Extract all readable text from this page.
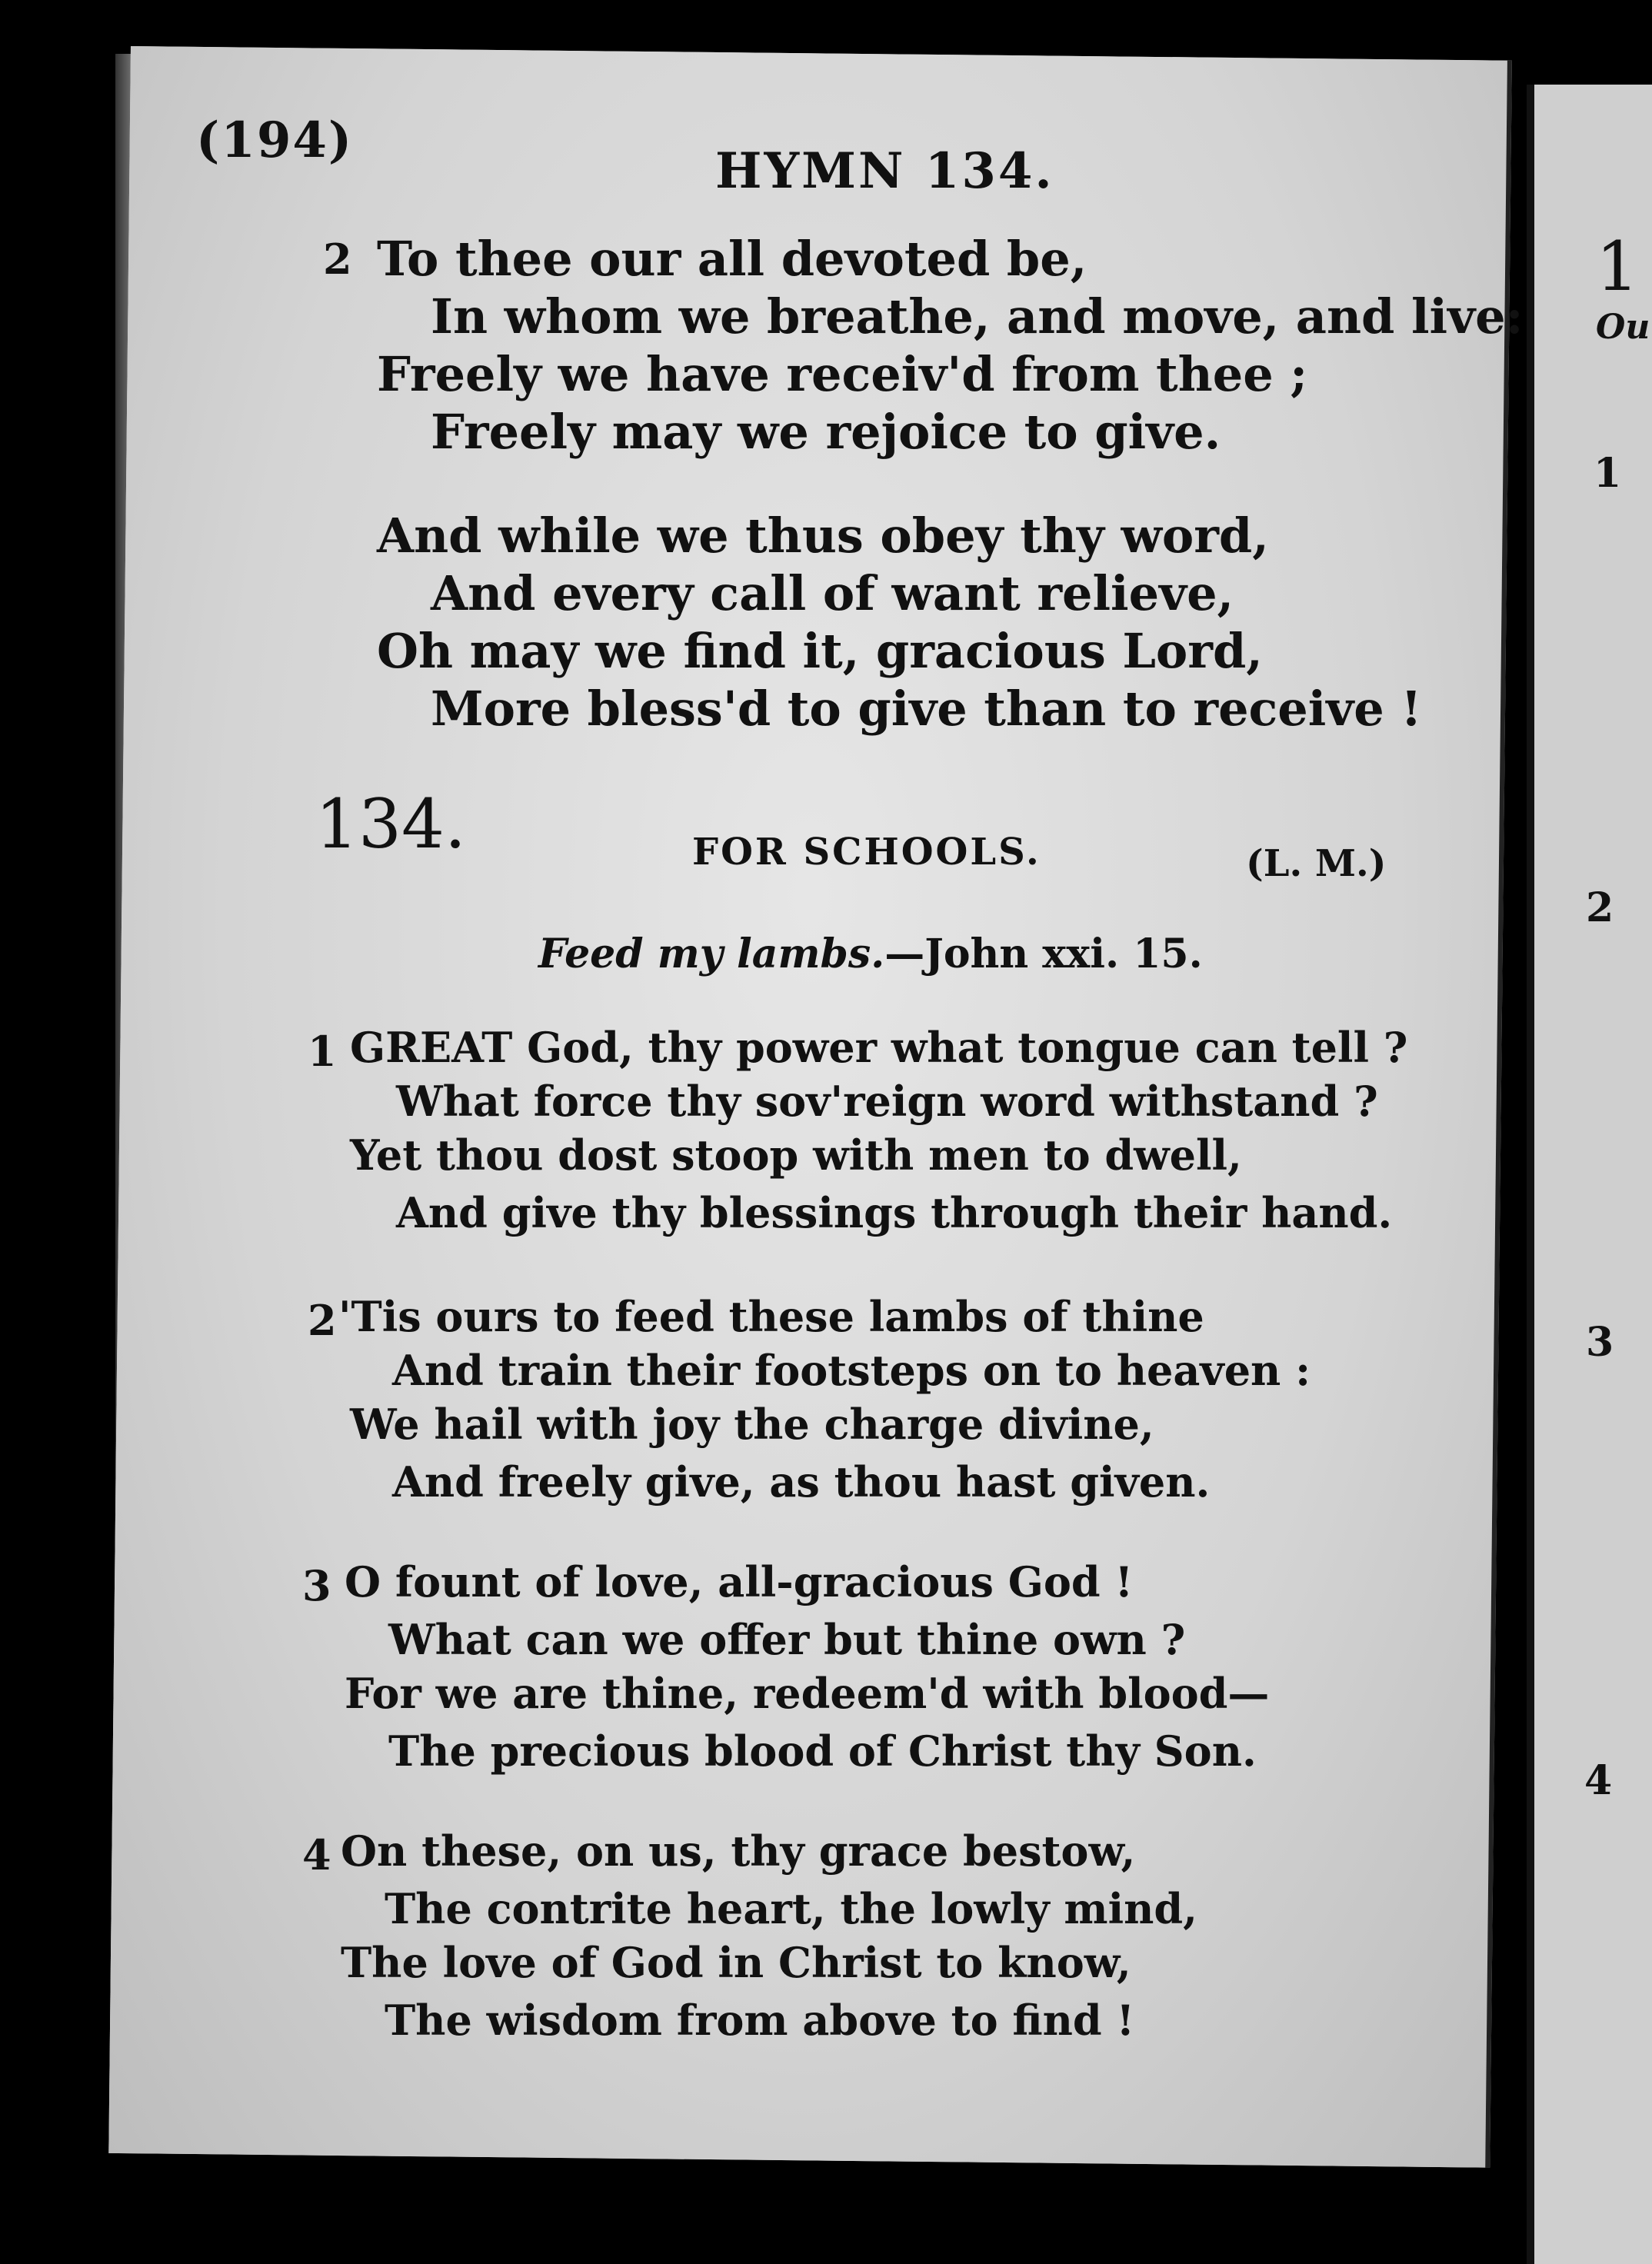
(194)
HYMN 134.
2 To thee our all devoted be,
In whom we breathe, and move, and live:
Freely we have receiv'd from thee ;
Freely may we rejoice to give.
And while we thus obey thy word,
And every call of want relieve,
Oh may we find it, gracious Lord,
More bless'd to give than to receive !
134.	FOR SCHOOLS.	(L. M.)
Feed my lambs.—John xxi. 15.
1 GREAT God, thy power what tongue can tell ?
What force thy sov'reign word withstand ?
Yet thou dost stoop with men to dwell,
And give thy blessings through their hand.
2 'Tis ours to feed these lambs of thine
And train their footsteps on to heaven :
We hail with joy the charge divine,
And freely give, as thou hast given.
3 O fount of love, all-gracious God !
What can we offer but thine own ?
For we are thine, redeem'd with blood—
The precious blood of Christ thy Son.
4 On these, on us, thy grace bestow,
The contrite heart, the lowly mind,
The love of God in Christ to know,
The wisdom from above to find !
1
Ou
1
2
3
4
